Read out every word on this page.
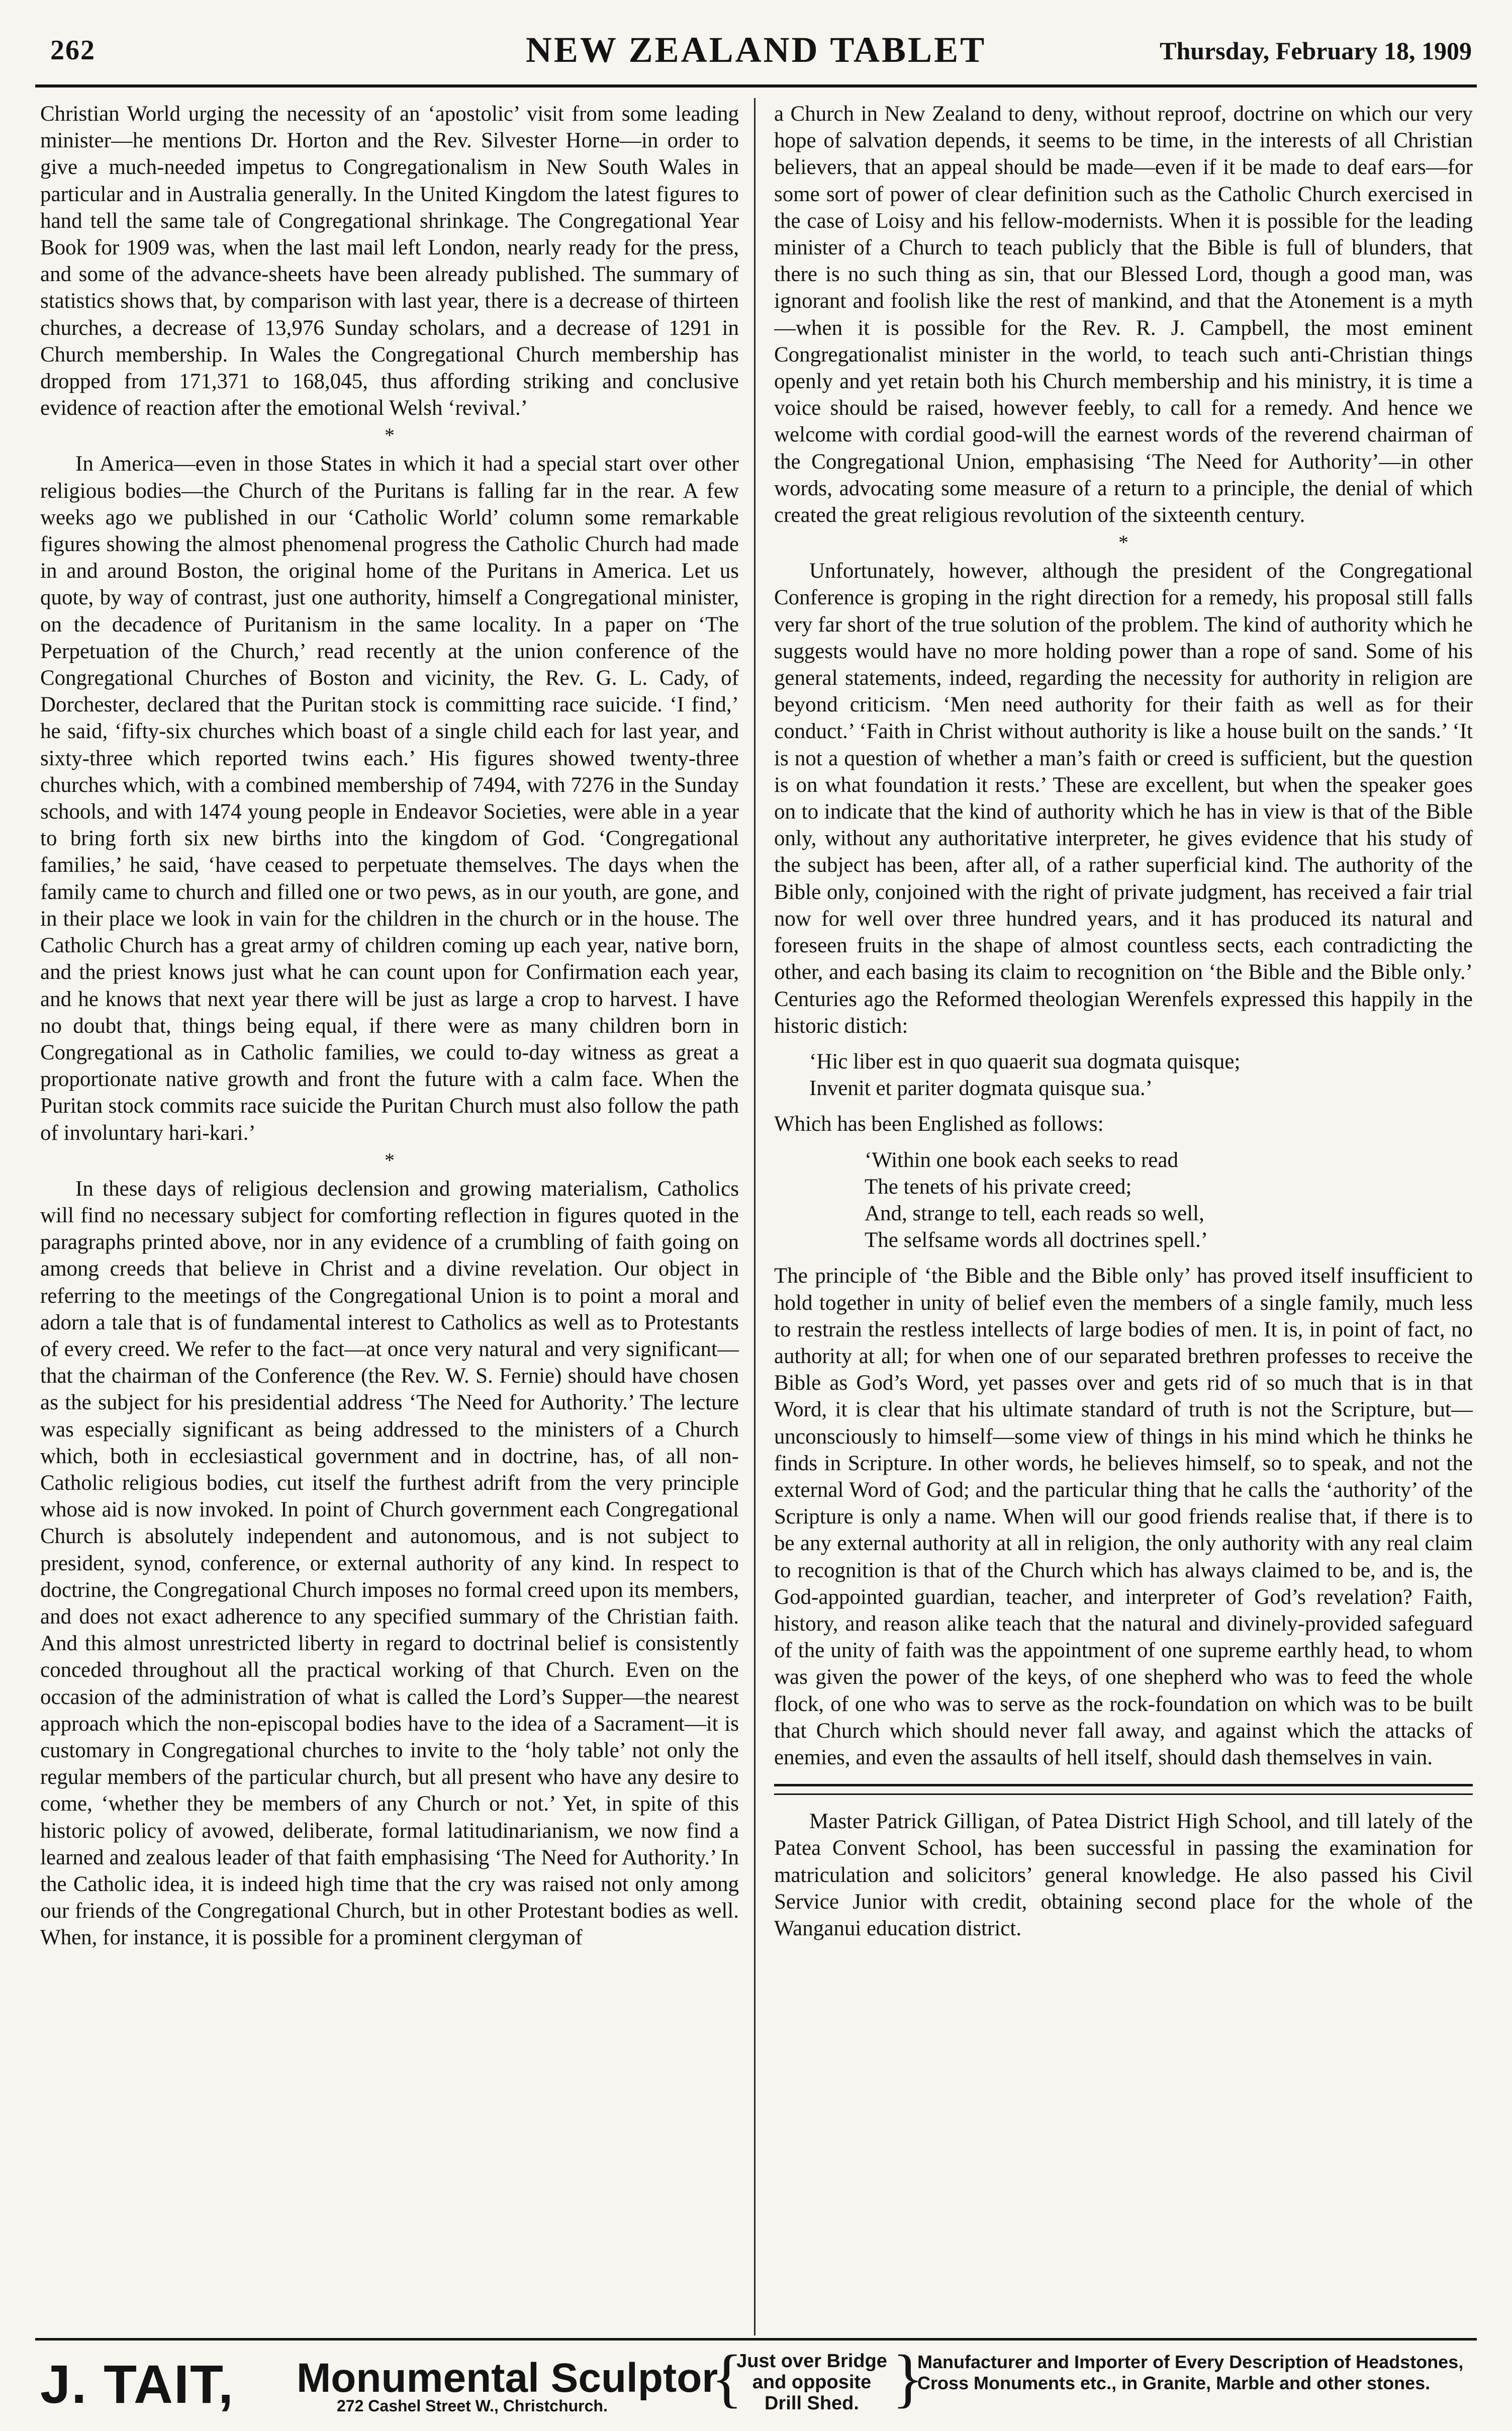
262	NEW ZEALAND TABLET	Thursday, February 18, 1909

Christian World urging the necessity of an ‘apostolic’ visit from some leading minister—he mentions Dr. Horton and the Rev. Silvester Horne—in order to give a much-needed impetus to Congregationalism in New South Wales in particular and in Australia generally. In the United Kingdom the latest figures to hand tell the same tale of Congregational shrinkage. The Congregational Year Book for 1909 was, when the last mail left London, nearly ready for the press, and some of the advance-sheets have been already published. The summary of statistics shows that, by comparison with last year, there is a decrease of thirteen churches, a decrease of 13,976 Sunday scholars, and a decrease of 1291 in Church membership. In Wales the Congregational Church membership has dropped from 171,371 to 168,045, thus affording striking and conclusive evidence of reaction after the emotional Welsh ‘revival.’

*

In America—even in those States in which it had a special start over other religious bodies—the Church of the Puritans is falling far in the rear. A few weeks ago we published in our ‘Catholic World’ column some remarkable figures showing the almost phenomenal progress the Catholic Church had made in and around Boston, the original home of the Puritans in America. Let us quote, by way of contrast, just one authority, himself a Congregational minister, on the decadence of Puritanism in the same locality. In a paper on ‘The Perpetuation of the Church,’ read recently at the union conference of the Congregational Churches of Boston and vicinity, the Rev. G. L. Cady, of Dorchester, declared that the Puritan stock is committing race suicide. ‘I find,’ he said, ‘fifty-six churches which boast of a single child each for last year, and sixty-three which reported twins each.’ His figures showed twenty-three churches which, with a combined membership of 7494, with 7276 in the Sunday schools, and with 1474 young people in Endeavor Societies, were able in a year to bring forth six new births into the kingdom of God. ‘Congregational families,’ he said, ‘have ceased to perpetuate themselves. The days when the family came to church and filled one or two pews, as in our youth, are gone, and in their place we look in vain for the children in the church or in the house. The Catholic Church has a great army of children coming up each year, native born, and the priest knows just what he can count upon for Confirmation each year, and he knows that next year there will be just as large a crop to harvest. I have no doubt that, things being equal, if there were as many children born in Congregational as in Catholic families, we could to-day witness as great a proportionate native growth and front the future with a calm face. When the Puritan stock commits race suicide the Puritan Church must also follow the path of involuntary hari-kari.’

*

In these days of religious declension and growing materialism, Catholics will find no necessary subject for comforting reflection in figures quoted in the paragraphs printed above, nor in any evidence of a crumbling of faith going on among creeds that believe in Christ and a divine revelation. Our object in referring to the meetings of the Congregational Union is to point a moral and adorn a tale that is of fundamental interest to Catholics as well as to Protestants of every creed. We refer to the fact—at once very natural and very significant—that the chairman of the Conference (the Rev. W. S. Fernie) should have chosen as the subject for his presidential address ‘The Need for Authority.’ The lecture was especially significant as being addressed to the ministers of a Church which, both in ecclesiastical government and in doctrine, has, of all non-Catholic religious bodies, cut itself the furthest adrift from the very principle whose aid is now invoked. In point of Church government each Congregational Church is absolutely independent and autonomous, and is not subject to president, synod, conference, or external authority of any kind. In respect to doctrine, the Congregational Church imposes no formal creed upon its members, and does not exact adherence to any specified summary of the Christian faith. And this almost unrestricted liberty in regard to doctrinal belief is consistently conceded throughout all the practical working of that Church. Even on the occasion of the administration of what is called the Lord’s Supper—the nearest approach which the non-episcopal bodies have to the idea of a Sacrament—it is customary in Congregational churches to invite to the ‘holy table’ not only the regular members of the particular church, but all present who have any desire to come, ‘whether they be members of any Church or not.’ Yet, in spite of this historic policy of avowed, deliberate, formal latitudinarianism, we now find a learned and zealous leader of that faith emphasising ‘The Need for Authority.’ In the Catholic idea, it is indeed high time that the cry was raised not only among our friends of the Congregational Church, but in other Protestant bodies as well. When, for instance, it is possible for a prominent clergyman of

a Church in New Zealand to deny, without reproof, doctrine on which our very hope of salvation depends, it seems to be time, in the interests of all Christian believers, that an appeal should be made—even if it be made to deaf ears—for some sort of power of clear definition such as the Catholic Church exercised in the case of Loisy and his fellow-modernists. When it is possible for the leading minister of a Church to teach publicly that the Bible is full of blunders, that there is no such thing as sin, that our Blessed Lord, though a good man, was ignorant and foolish like the rest of mankind, and that the Atonement is a myth—when it is possible for the Rev. R. J. Campbell, the most eminent Congregationalist minister in the world, to teach such anti-Christian things openly and yet retain both his Church membership and his ministry, it is time a voice should be raised, however feebly, to call for a remedy. And hence we welcome with cordial good-will the earnest words of the reverend chairman of the Congregational Union, emphasising ‘The Need for Authority’—in other words, advocating some measure of a return to a principle, the denial of which created the great religious revolution of the sixteenth century.

*

Unfortunately, however, although the president of the Congregational Conference is groping in the right direction for a remedy, his proposal still falls very far short of the true solution of the problem. The kind of authority which he suggests would have no more holding power than a rope of sand. Some of his general statements, indeed, regarding the necessity for authority in religion are beyond criticism. ‘Men need authority for their faith as well as for their conduct.’ ‘Faith in Christ without authority is like a house built on the sands.’ ‘It is not a question of whether a man’s faith or creed is sufficient, but the question is on what foundation it rests.’ These are excellent, but when the speaker goes on to indicate that the kind of authority which he has in view is that of the Bible only, without any authoritative interpreter, he gives evidence that his study of the subject has been, after all, of a rather superficial kind. The authority of the Bible only, conjoined with the right of private judgment, has received a fair trial now for well over three hundred years, and it has produced its natural and foreseen fruits in the shape of almost countless sects, each contradicting the other, and each basing its claim to recognition on ‘the Bible and the Bible only.’ Centuries ago the Reformed theologian Werenfels expressed this happily in the historic distich:

‘Hic liber est in quo quaerit sua dogmata quisque;
Invenit et pariter dogmata quisque sua.’

Which has been Englished as follows:

‘Within one book each seeks to read
The tenets of his private creed;
And, strange to tell, each reads so well,
The selfsame words all doctrines spell.’

The principle of ‘the Bible and the Bible only’ has proved itself insufficient to hold together in unity of belief even the members of a single family, much less to restrain the restless intellects of large bodies of men. It is, in point of fact, no authority at all; for when one of our separated brethren professes to receive the Bible as God’s Word, yet passes over and gets rid of so much that is in that Word, it is clear that his ultimate standard of truth is not the Scripture, but—unconsciously to himself—some view of things in his mind which he thinks he finds in Scripture. In other words, he believes himself, so to speak, and not the external Word of God; and the particular thing that he calls the ‘authority’ of the Scripture is only a name. When will our good friends realise that, if there is to be any external authority at all in religion, the only authority with any real claim to recognition is that of the Church which has always claimed to be, and is, the God-appointed guardian, teacher, and interpreter of God’s revelation? Faith, history, and reason alike teach that the natural and divinely-provided safeguard of the unity of faith was the appointment of one supreme earthly head, to whom was given the power of the keys, of one shepherd who was to feed the whole flock, of one who was to serve as the rock-foundation on which was to be built that Church which should never fall away, and against which the attacks of enemies, and even the assaults of hell itself, should dash themselves in vain.

Master Patrick Gilligan, of Patea District High School, and till lately of the Patea Convent School, has been successful in passing the examination for matriculation and solicitors’ general knowledge. He also passed his Civil Service Junior with credit, obtaining second place for the whole of the Wanganui education district.

J. TAIT, Monumental Sculptor
272 Cashel Street W., Christchurch. {
Just over Bridge and opposite Drill Shed. }
Manufacturer and Importer of Every Description of Headstones, Cross Monuments etc., in Granite, Marble and other stones.
